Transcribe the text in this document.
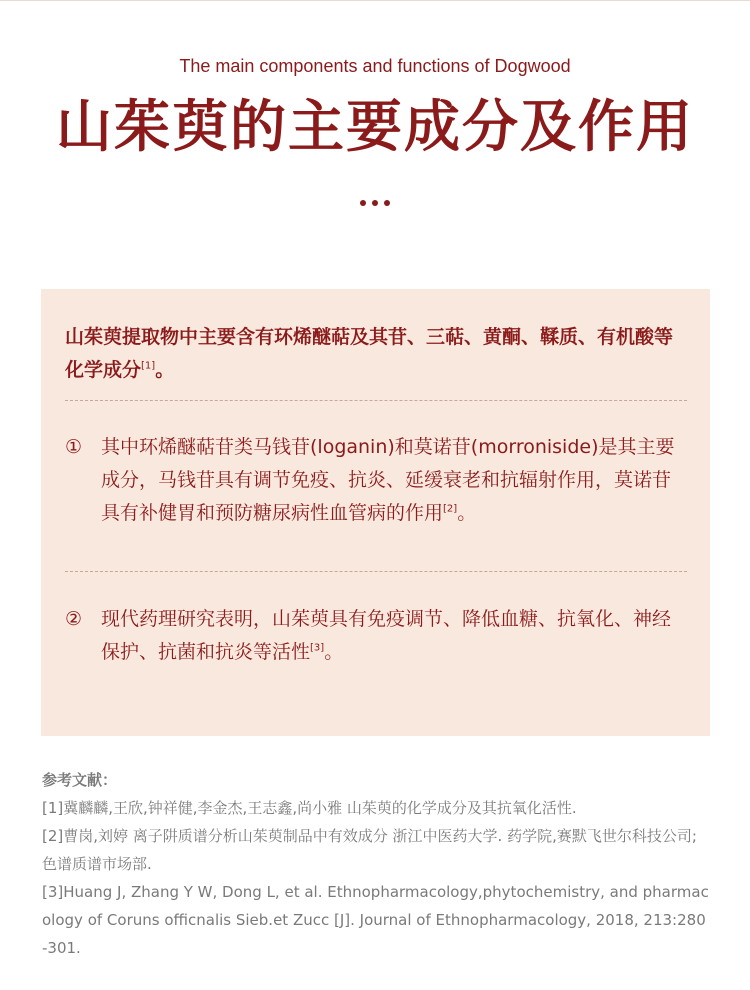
The main components and functions of Dogwood
山茱萸的主要成分及作用
山茱萸提取物中主要含有环烯醚萜及其苷、三萜、黄酮、鞣质、有机酸等化学成分[1]。
① 其中环烯醚萜苷类马钱苷(loganin)和莫诺苷(morroniside)是其主要成分，马钱苷具有调节免疫、抗炎、延缓衰老和抗辐射作用，莫诺苷具有补健胃和预防糖尿病性血管病的作用[2]。
② 现代药理研究表明，山茱萸具有免疫调节、降低血糖、抗氧化、神经保护、抗菌和抗炎等活性[3]。
参考文献：
[1]冀麟麟,王欣,钟祥健,李金杰,王志鑫,尚小雅 山茱萸的化学成分及其抗氧化活性.
[2]曹岗,刘婷 离子阱质谱分析山茱萸制品中有效成分 浙江中医药大学. 药学院,赛默飞世尔科技公司;色谱质谱市场部.
[3]Huang J, Zhang Y W, Dong L, et al. Ethnopharmacology,phytochemistry, and pharmacology of Coruns officnalis Sieb.et Zucc [J]. Journal of Ethnopharmacology, 2018, 213:280-301.
